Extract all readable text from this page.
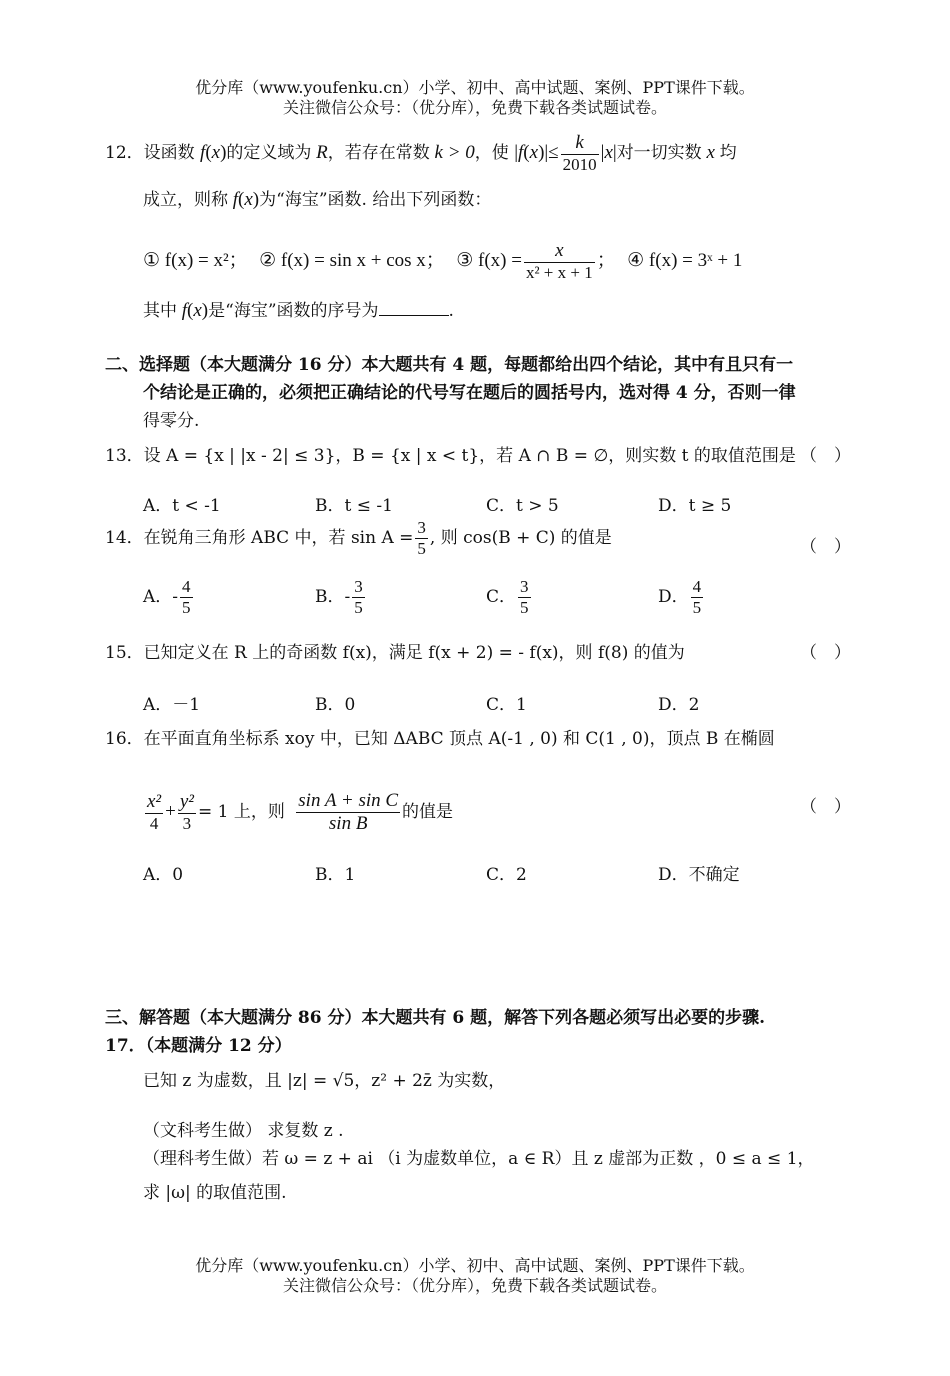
优分库（www.youfenku.cn）小学、初中、高中试题、案例、PPT课件下载。
关注微信公众号：（优分库），免费下载各类试题试卷。
12．设函数 f(x)的定义域为 R，若存在常数 k > 0，使 $|f(x)|\le \frac{k}{2010} |x|$对一切实数 x 均
成立，则称 f(x)为“海宝”函数. 给出下列函数：
① f(x) = x²； ② f(x) = sin x + cos x； ③ $f(x) = \frac{x}{\text{x² + x + 1}}$ ； ④ f(x) = 3ˣ + 1
其中 f(x)是“海宝”函数的序号为	.
二、选择题（本大题满分 16 分）本大题共有 4 题，每题都给出四个结论，其中有且只有一
个结论是正确的，必须把正确结论的代号写在题后的圆括号内，选对得 4 分，否则一律
得零分.
13．设 A = {x | |x - 2| ≤ 3}，B = {x | x < t}，若 A ∩ B = ∅，则实数 t 的取值范围是 （　）
A．t < -1	B．t ≤ -1	C．t > 5	D．t ≥ 5
14．在锐角三角形 ABC 中，若 $\sin A = \frac{3}{5}$ , 则 cos(B + C) 的值是	（　）
A．- $\frac{4}{5}$	B．- $\frac{3}{5}$	C． $\frac{3}{5}$	D． $\frac{4}{5}$
15．已知定义在 R 上的奇函数 f(x)，满足 f(x + 2) = - f(x)，则 f(8) 的值为	（　）
A．－1	B．0	C．1	D．2
16．在平面直角坐标系 xoy 中，已知 ΔABC 顶点 A(-1 , 0) 和 C(1 , 0)，顶点 B 在椭圆
$\frac{\text{x²}}{4} + \frac{\text{y²}}{3} = 1$ 上，则 $\frac{\text{sin A + sin C}}{\text{sin B}}$ 的值是	（　）
A．0	B．1	C．2	D．不确定
三、解答题（本大题满分 86 分）本大题共有 6 题，解答下列各题必须写出必要的步骤.
17．（本题满分 12 分）
已知 z 为虚数，且 |z| = √5，z² + 2z̄ 为实数，
（文科考生做） 求复数 z .
（理科考生做）若 ω = z + ai （i 为虚数单位，a ∈ R）且 z 虚部为正数 ，0 ≤ a ≤ 1，
求 |ω| 的取值范围.
优分库（www.youfenku.cn）小学、初中、高中试题、案例、PPT课件下载。
关注微信公众号：（优分库），免费下载各类试题试卷。
